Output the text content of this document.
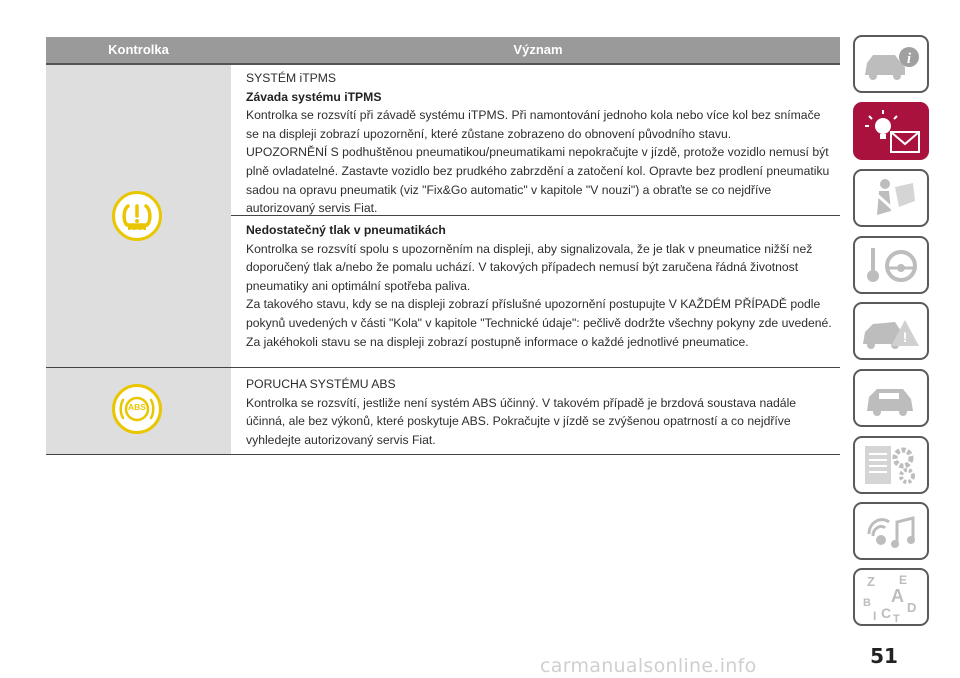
Kontrolka	Význam

SYSTÉM iTPMS

Závada systému iTPMS

Kontrolka se rozsvítí při závadě systému iTPMS. Při namontování jednoho kola nebo více kol bez snímače se na displeji zobrazí upozornění, které zůstane zobrazeno do obnovení původního stavu.

UPOZORNĚNÍ S podhuštěnou pneumatikou/pneumatikami nepokračujte v jízdě, protože vozidlo nemusí být plně ovladatelné. Zastavte vozidlo bez prudkého zabrzdění a zatočení kol. Opravte bez prodlení pneumatiku sadou na opravu pneumatik (viz "Fix&Go automatic" v kapitole "V nouzi") a obraťte se co nejdříve autorizovaný servis Fiat.

Nedostatečný tlak v pneumatikách

Kontrolka se rozsvítí spolu s upozorněním na displeji, aby signalizovala, že je tlak v pneumatice nižší než doporučený tlak a/nebo že pomalu uchází. V takových případech nemusí být zaručena řádná životnost pneumatiky ani optimální spotřeba paliva.

Za takového stavu, kdy se na displeji zobrazí příslušné upozornění postupujte V KAŽDÉM PŘÍPADĚ podle pokynů uvedených v části "Kola" v kapitole "Technické údaje": pečlivě dodržte všechny pokyny zde uvedené.

Za jakéhokoli stavu se na displeji zobrazí postupně informace o každé jednotlivé pneumatice.

ABS

PORUCHA SYSTÉMU ABS

Kontrolka se rozsvítí, jestliže není systém ABS účinný. V takovém případě je brzdová soustava nadále účinná, ale bez výkonů, které poskytuje ABS. Pokračujte v jízdě se zvýšenou opatrností a co nejdříve vyhledejte autorizovaný servis Fiat.

i
!
Z E
B A
I C T
D
51
carmanualsonline.info
